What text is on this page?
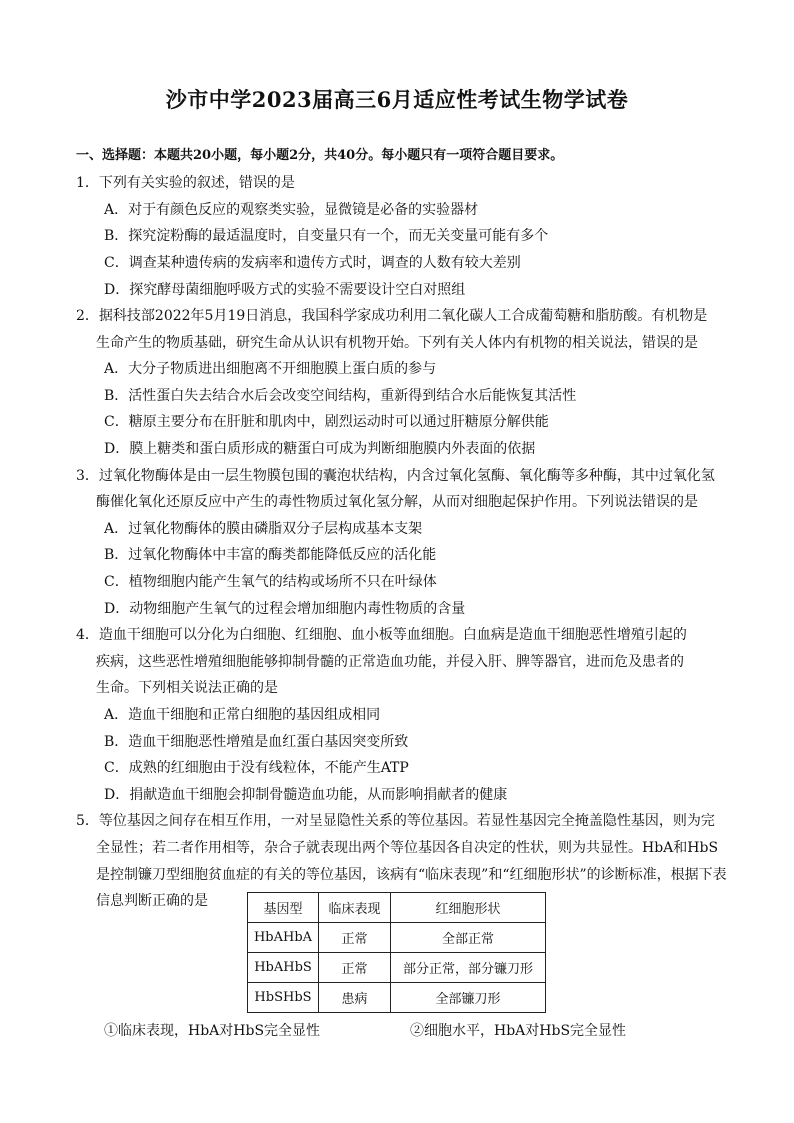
沙市中学2023届高三6月适应性考试生物学试卷
一、选择题：本题共20小题，每小题2分，共40分。每小题只有一项符合题目要求。
1．下列有关实验的叙述，错误的是
A．对于有颜色反应的观察类实验，显微镜是必备的实验器材
B．探究淀粉酶的最适温度时，自变量只有一个，而无关变量可能有多个
C．调查某种遗传病的发病率和遗传方式时，调查的人数有较大差别
D．探究酵母菌细胞呼吸方式的实验不需要设计空白对照组
2．据科技部2022年5月19日消息，我国科学家成功利用二氧化碳人工合成葡萄糖和脂肪酸。有机物是
生命产生的物质基础，研究生命从认识有机物开始。下列有关人体内有机物的相关说法，错误的是
A．大分子物质进出细胞离不开细胞膜上蛋白质的参与
B．活性蛋白失去结合水后会改变空间结构，重新得到结合水后能恢复其活性
C．糖原主要分布在肝脏和肌肉中，剧烈运动时可以通过肝糖原分解供能
D．膜上糖类和蛋白质形成的糖蛋白可成为判断细胞膜内外表面的依据
3．过氧化物酶体是由一层生物膜包围的囊泡状结构，内含过氧化氢酶、氧化酶等多种酶，其中过氧化氢
酶催化氧化还原反应中产生的毒性物质过氧化氢分解，从而对细胞起保护作用。下列说法错误的是
A．过氧化物酶体的膜由磷脂双分子层构成基本支架
B．过氧化物酶体中丰富的酶类都能降低反应的活化能
C．植物细胞内能产生氧气的结构或场所不只在叶绿体
D．动物细胞产生氧气的过程会增加细胞内毒性物质的含量
4．造血干细胞可以分化为白细胞、红细胞、血小板等血细胞。白血病是造血干细胞恶性增殖引起的
疾病，这些恶性增殖细胞能够抑制骨髓的正常造血功能，并侵入肝、脾等器官，进而危及患者的
生命。下列相关说法正确的是
A．造血干细胞和正常白细胞的基因组成相同
B．造血干细胞恶性增殖是血红蛋白基因突变所致
C．成熟的红细胞由于没有线粒体，不能产生ATP
D．捐献造血干细胞会抑制骨髓造血功能，从而影响捐献者的健康
5．等位基因之间存在相互作用，一对呈显隐性关系的等位基因。若显性基因完全掩盖隐性基因，则为完
全显性；若二者作用相等，杂合子就表现出两个等位基因各自决定的性状，则为共显性。HbA和HbS
是控制镰刀型细胞贫血症的有关的等位基因，该病有“临床表现”和“红细胞形状”的诊断标准，根据下表
信息判断正确的是
基因型	临床表现	红细胞形状
HbAHbA	正常	全部正常
HbAHbS	正常	部分正常，部分镰刀形
HbSHbS	患病	全部镰刀形
①临床表现，HbA对HbS完全显性	②细胞水平，HbA对HbS完全显性
